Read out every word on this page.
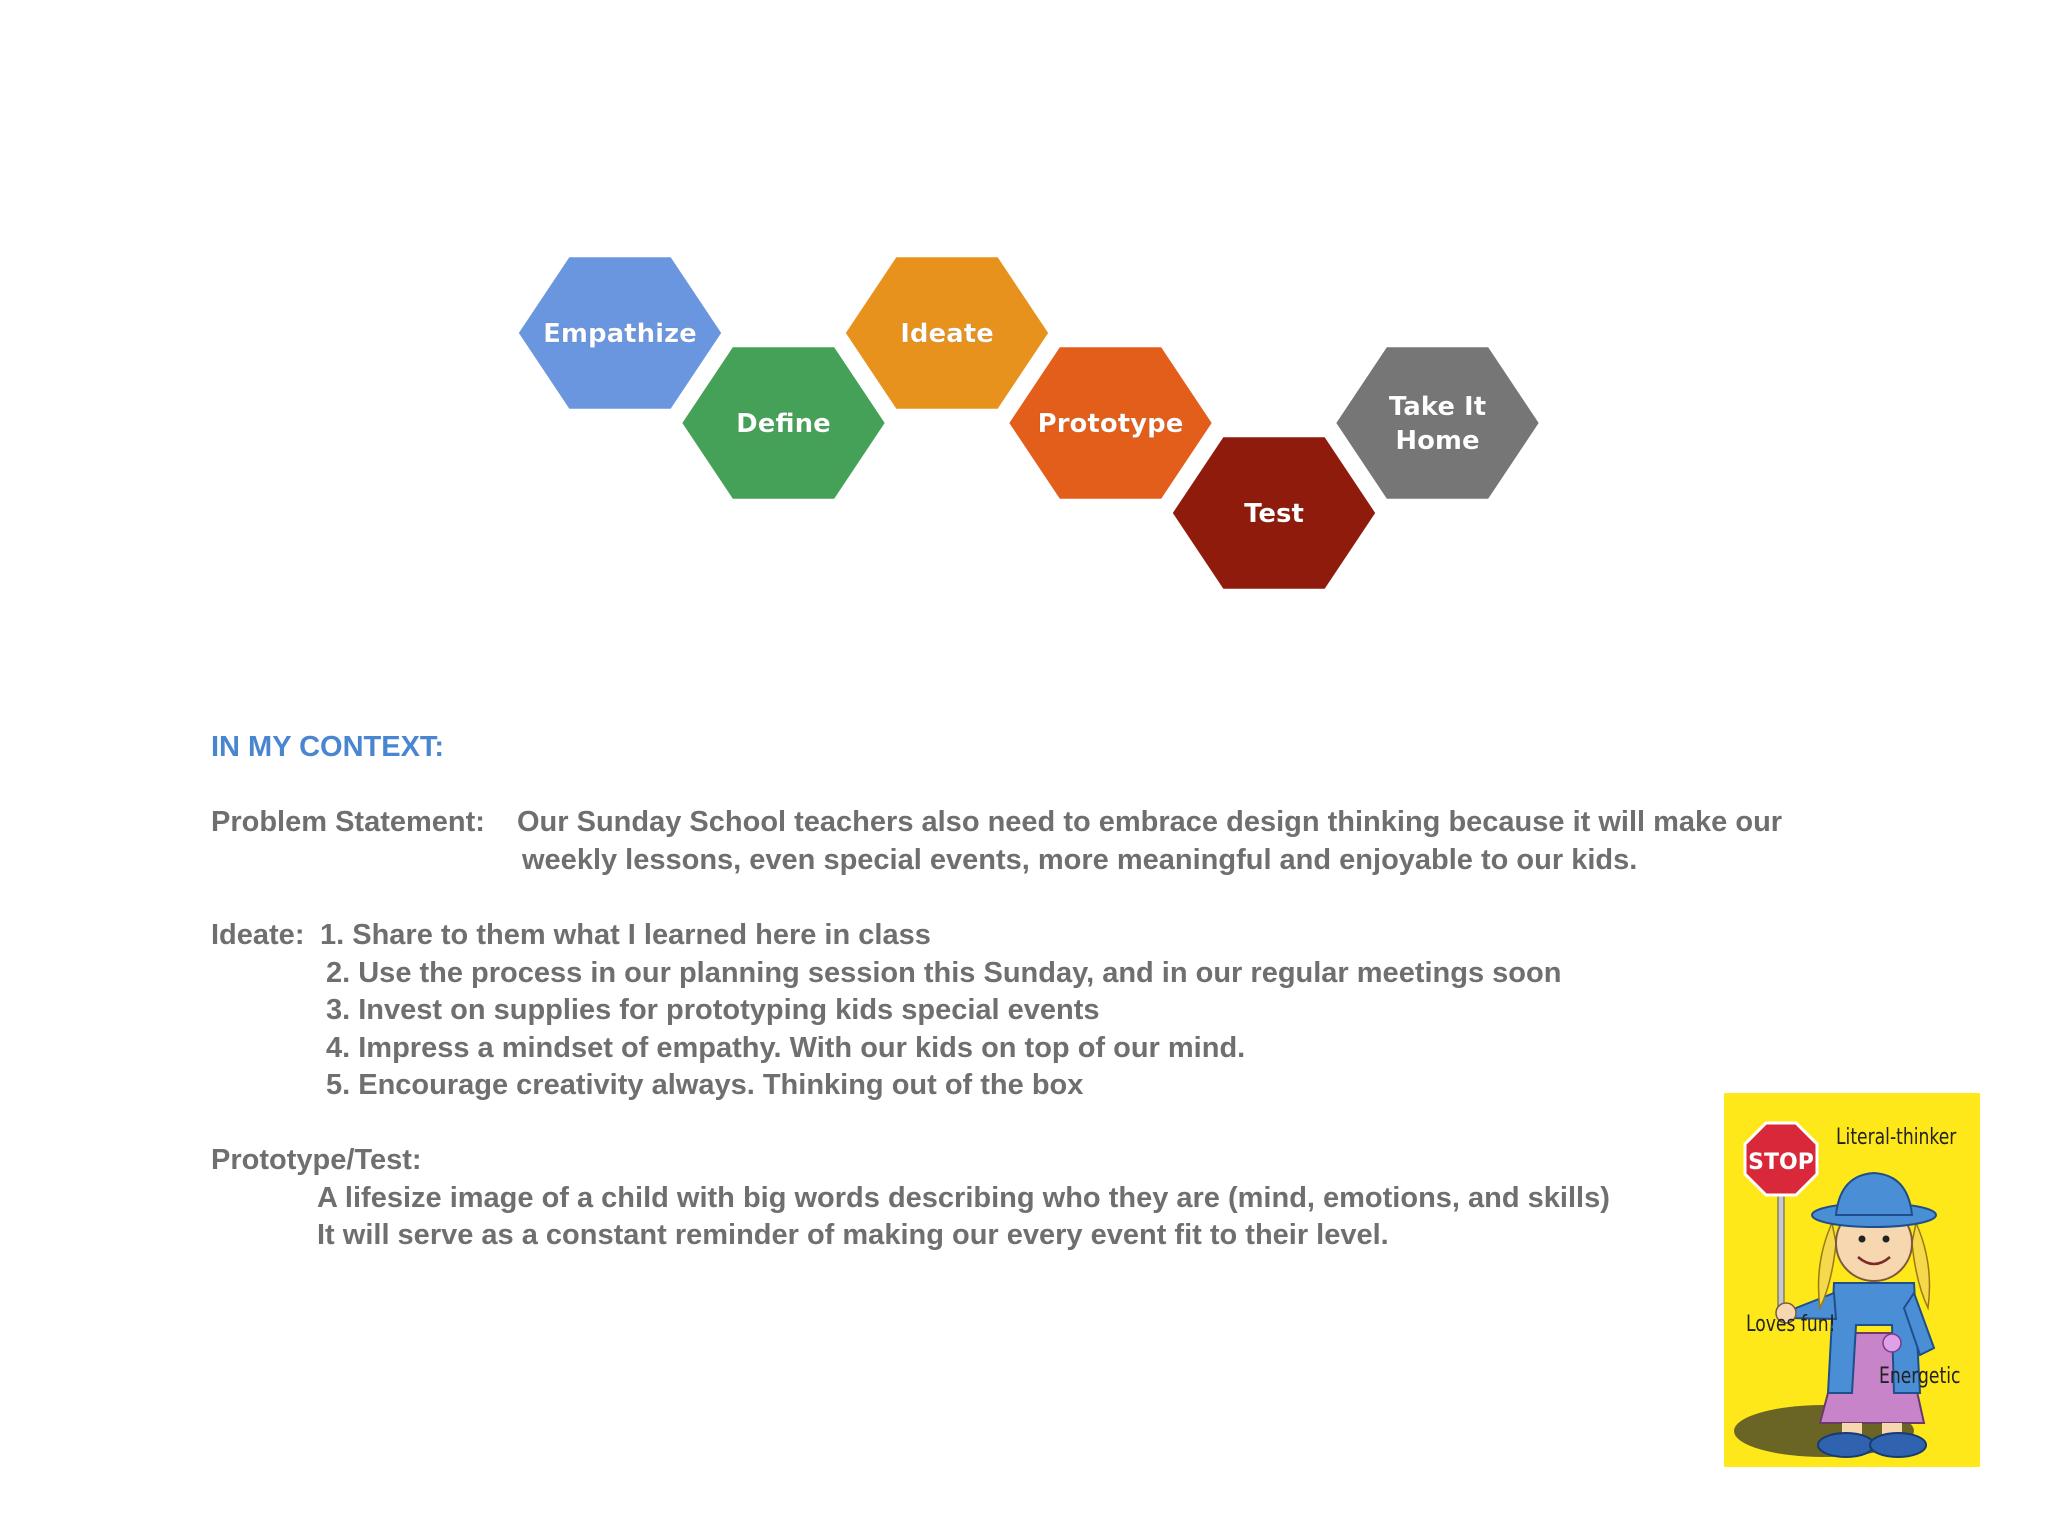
Empathize
Define
Ideate
Prototype
Test
Take It
Home
IN MY CONTEXT:
Problem Statement: Our Sunday School teachers also need to embrace design thinking because it will make our
weekly lessons, even special events, more meaningful and enjoyable to our kids.
Ideate: 1. Share to them what I learned here in class
2. Use the process in our planning session this Sunday, and in our regular meetings soon
3. Invest on supplies for prototyping kids special events
4. Impress a mindset of empathy. With our kids on top of our mind.
5. Encourage creativity always. Thinking out of the box
Prototype/Test:
A lifesize image of a child with big words describing who they are (mind, emotions, and skills)
It will serve as a constant reminder of making our every event fit to their level.
STOP
Literal-thinker
Loves fun!
Energetic
